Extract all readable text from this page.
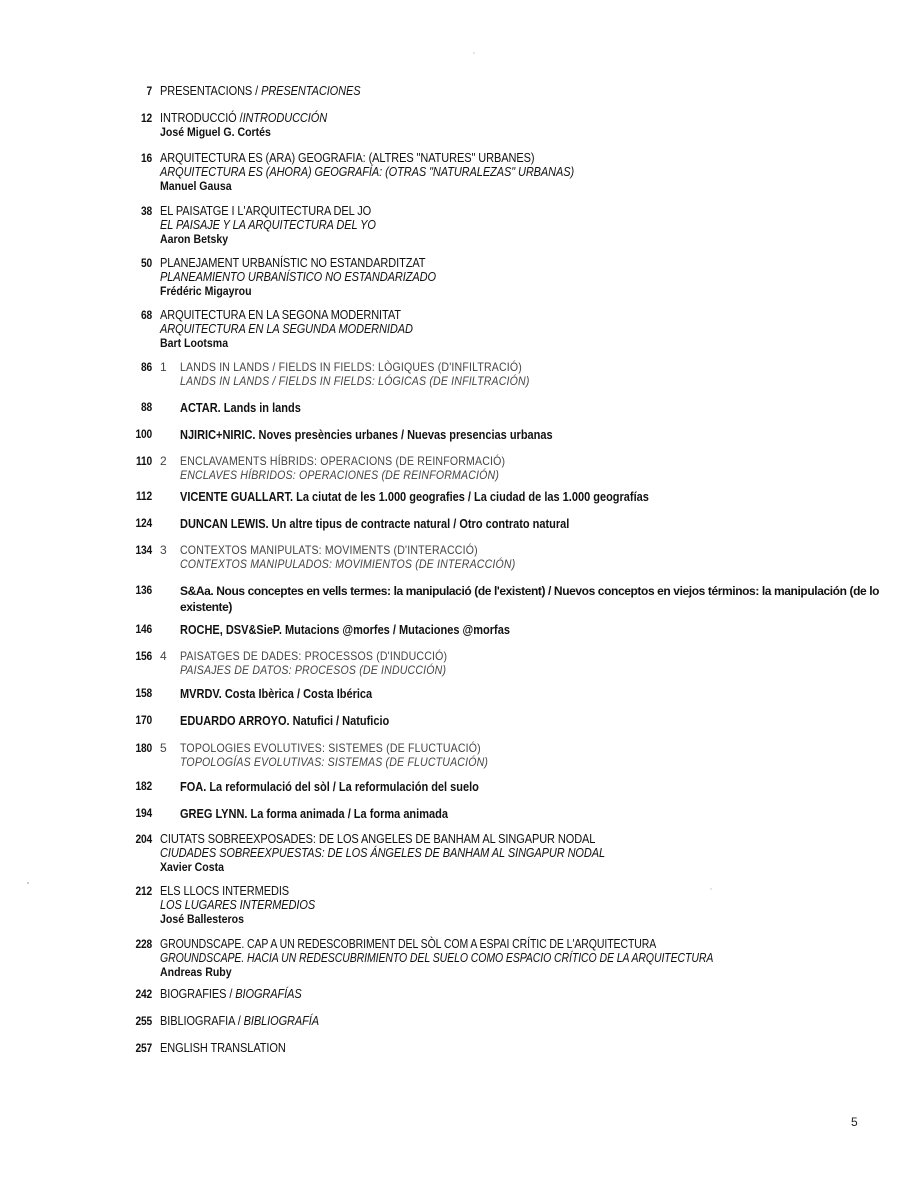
7 PRESENTACIONS / PRESENTACIONES
12 INTRODUCCIÓ /INTRODUCCIÓN
José Miguel G. Cortés
16 ARQUITECTURA ES (ARA) GEOGRAFIA: (ALTRES "NATURES" URBANES)
ARQUITECTURA ES (AHORA) GEOGRAFÍA: (OTRAS "NATURALEZAS" URBANAS)
Manuel Gausa
38 EL PAISATGE I L'ARQUITECTURA DEL JO
EL PAISAJE Y LA ARQUITECTURA DEL YO
Aaron Betsky
50 PLANEJAMENT URBANÍSTIC NO ESTANDARDITZAT
PLANEAMIENTO URBANÍSTICO NO ESTANDARIZADO
Frédéric Migayrou
68 ARQUITECTURA EN LA SEGONA MODERNITAT
ARQUITECTURA EN LA SEGUNDA MODERNIDAD
Bart Lootsma
86 1 LANDS IN LANDS / FIELDS IN FIELDS: LÒGIQUES (D'INFILTRACIÓ)
LANDS IN LANDS / FIELDS IN FIELDS: LÓGICAS (DE INFILTRACIÓN)
88 ACTAR. Lands in lands
100 NJIRIC+NIRIC. Noves presències urbanes / Nuevas presencias urbanas
110 2 ENCLAVAMENTS HÍBRIDS: OPERACIONS (DE REINFORMACIÓ)
ENCLAVES HÍBRIDOS: OPERACIONES (DE REINFORMACIÓN)
112 VICENTE GUALLART. La ciutat de les 1.000 geografies / La ciudad de las 1.000 geografías
124 DUNCAN LEWIS. Un altre tipus de contracte natural / Otro contrato natural
134 3 CONTEXTOS MANIPULATS: MOVIMENTS (D'INTERACCIÓ)
CONTEXTOS MANIPULADOS: MOVIMIENTOS (DE INTERACCIÓN)
136 S&Aa. Nous conceptes en vells termes: la manipulació (de l'existent) / Nuevos conceptos en viejos términos: la manipulación (de lo existente)
146 ROCHE, DSV&SieP. Mutacions @morfes / Mutaciones @morfas
156 4 PAISATGES DE DADES: PROCESSOS (D'INDUCCIÓ)
PAISAJES DE DATOS: PROCESOS (DE INDUCCIÓN)
158 MVRDV. Costa Ibèrica / Costa Ibérica
170 EDUARDO ARROYO. Natufici / Natuficio
180 5 TOPOLOGIES EVOLUTIVES: SISTEMES (DE FLUCTUACIÓ)
TOPOLOGÍAS EVOLUTIVAS: SISTEMAS (DE FLUCTUACIÓN)
182 FOA. La reformulació del sòl / La reformulación del suelo
194 GREG LYNN. La forma animada / La forma animada
204 CIUTATS SOBREEXPOSADES: DE LOS ANGELES DE BANHAM AL SINGAPUR NODAL
CIUDADES SOBREEXPUESTAS: DE LOS ÁNGELES DE BANHAM AL SINGAPUR NODAL
Xavier Costa
212 ELS LLOCS INTERMEDIS
LOS LUGARES INTERMEDIOS
José Ballesteros
228 GROUNDSCAPE. CAP A UN REDESCOBRIMENT DEL SÒL COM A ESPAI CRÍTIC DE L'ARQUITECTURA
GROUNDSCAPE. HACIA UN REDESCUBRIMIENTO DEL SUELO COMO ESPACIO CRÍTICO DE LA ARQUITECTURA
Andreas Ruby
242 BIOGRAFIES / BIOGRAFÍAS
255 BIBLIOGRAFIA / BIBLIOGRAFÍA
257 ENGLISH TRANSLATION
5
